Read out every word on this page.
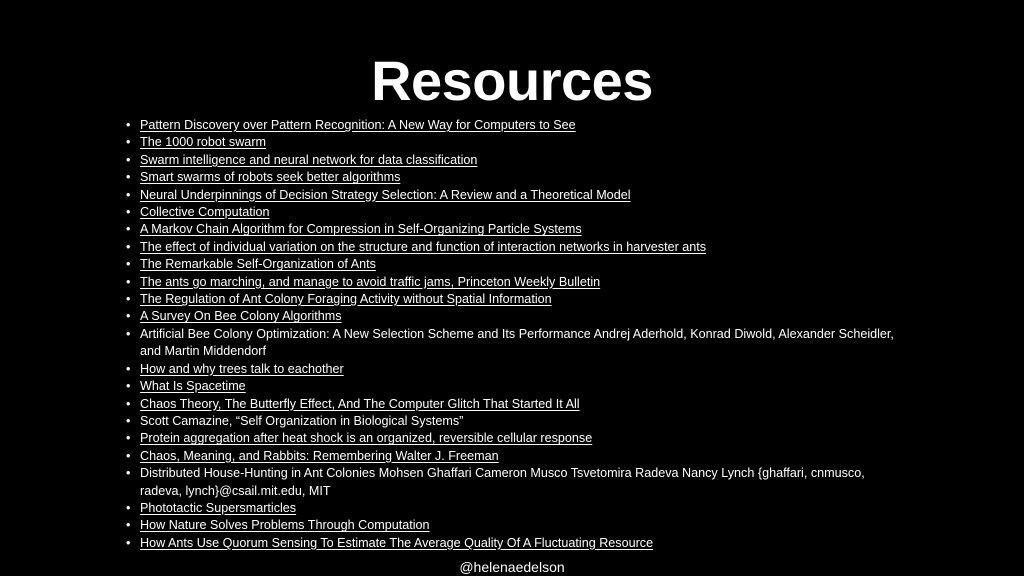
Resources
• Pattern Discovery over Pattern Recognition: A New Way for Computers to See
• The 1000 robot swarm
• Swarm intelligence and neural network for data classification
• Smart swarms of robots seek better algorithms
• Neural Underpinnings of Decision Strategy Selection: A Review and a Theoretical Model
• Collective Computation
• A Markov Chain Algorithm for Compression in Self-Organizing Particle Systems
• The effect of individual variation on the structure and function of interaction networks in harvester ants
• The Remarkable Self-Organization of Ants
• The ants go marching, and manage to avoid traffic jams, Princeton Weekly Bulletin
• The Regulation of Ant Colony Foraging Activity without Spatial Information
• A Survey On Bee Colony Algorithms
• Artificial Bee Colony Optimization: A New Selection Scheme and Its Performance Andrej Aderhold, Konrad Diwold, Alexander Scheidler, and Martin Middendorf
• How and why trees talk to eachother
• What Is Spacetime
• Chaos Theory, The Butterfly Effect, And The Computer Glitch That Started It All
• Scott Camazine, “Self Organization in Biological Systems”
• Protein aggregation after heat shock is an organized, reversible cellular response
• Chaos, Meaning, and Rabbits: Remembering Walter J. Freeman
• Distributed House-Hunting in Ant Colonies Mohsen Ghaffari Cameron Musco Tsvetomira Radeva Nancy Lynch {ghaffari, cnmusco, radeva, lynch}@csail.mit.edu, MIT
• Phototactic Supersmarticles
• How Nature Solves Problems Through Computation
• How Ants Use Quorum Sensing To Estimate The Average Quality Of A Fluctuating Resource
@helenaedelson
